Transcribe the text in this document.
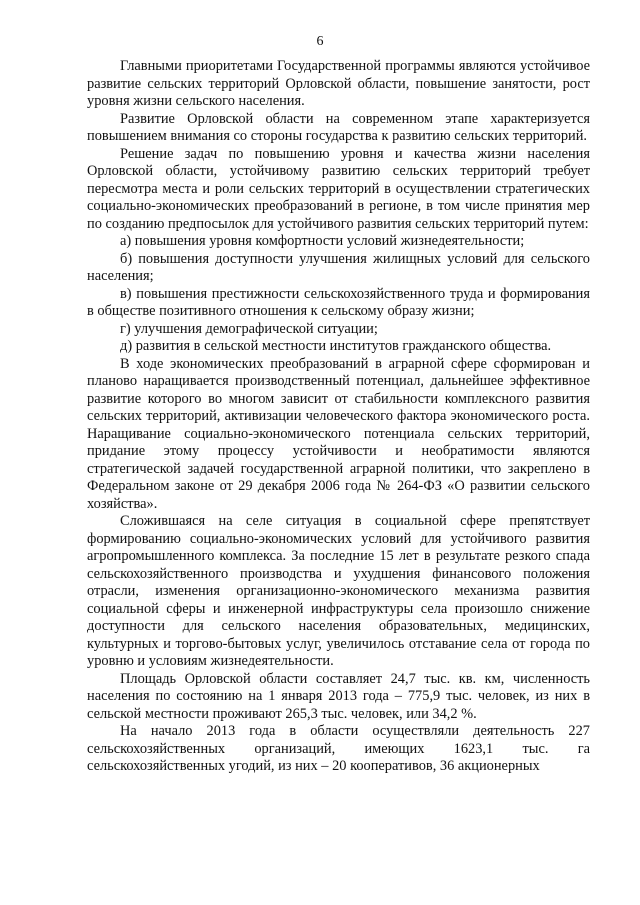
6

Главными приоритетами Государственной программы являются устойчивое развитие сельских территорий Орловской области, повышение занятости, рост уровня жизни сельского населения.

Развитие Орловской области на современном этапе характеризуется повышением внимания со стороны государства к развитию сельских территорий.

Решение задач по повышению уровня и качества жизни населения Орловской области, устойчивому развитию сельских территорий требует пересмотра места и роли сельских территорий в осуществлении стратегических социально-экономических преобразований в регионе, в том числе принятия мер по созданию предпосылок для устойчивого развития сельских территорий путем:

а) повышения уровня комфортности условий жизнедеятельности;

б) повышения доступности улучшения жилищных условий для сельского населения;

в) повышения престижности сельскохозяйственного труда и формирования в обществе позитивного отношения к сельскому образу жизни;

г) улучшения демографической ситуации;

д) развития в сельской местности институтов гражданского общества.

В ходе экономических преобразований в аграрной сфере сформирован и планово наращивается производственный потенциал, дальнейшее эффективное развитие которого во многом зависит от стабильности комплексного развития сельских территорий, активизации человеческого фактора экономического роста. Наращивание социально-экономического потенциала сельских территорий, придание этому процессу устойчивости и необратимости являются стратегической задачей государственной аграрной политики, что закреплено в Федеральном законе от 29 декабря 2006 года № 264-ФЗ «О развитии сельского хозяйства».

Сложившаяся на селе ситуация в социальной сфере препятствует формированию социально-экономических условий для устойчивого развития агропромышленного комплекса. За последние 15 лет в результате резкого спада сельскохозяйственного производства и ухудшения финансового положения отрасли, изменения организационно-экономического механизма развития социальной сферы и инженерной инфраструктуры села произошло снижение доступности для сельского населения образовательных, медицинских, культурных и торгово-бытовых услуг, увеличилось отставание села от города по уровню и условиям жизнедеятельности.

Площадь Орловской области составляет 24,7 тыс. кв. км, численность населения по состоянию на 1 января 2013 года – 775,9 тыс. человек, из них в сельской местности проживают 265,3 тыс. человек, или 34,2 %.

На начало 2013 года в области осуществляли деятельность 227 сельскохозяйственных организаций, имеющих 1623,1 тыс. га сельскохозяйственных угодий, из них – 20 кооперативов, 36 акционерных
